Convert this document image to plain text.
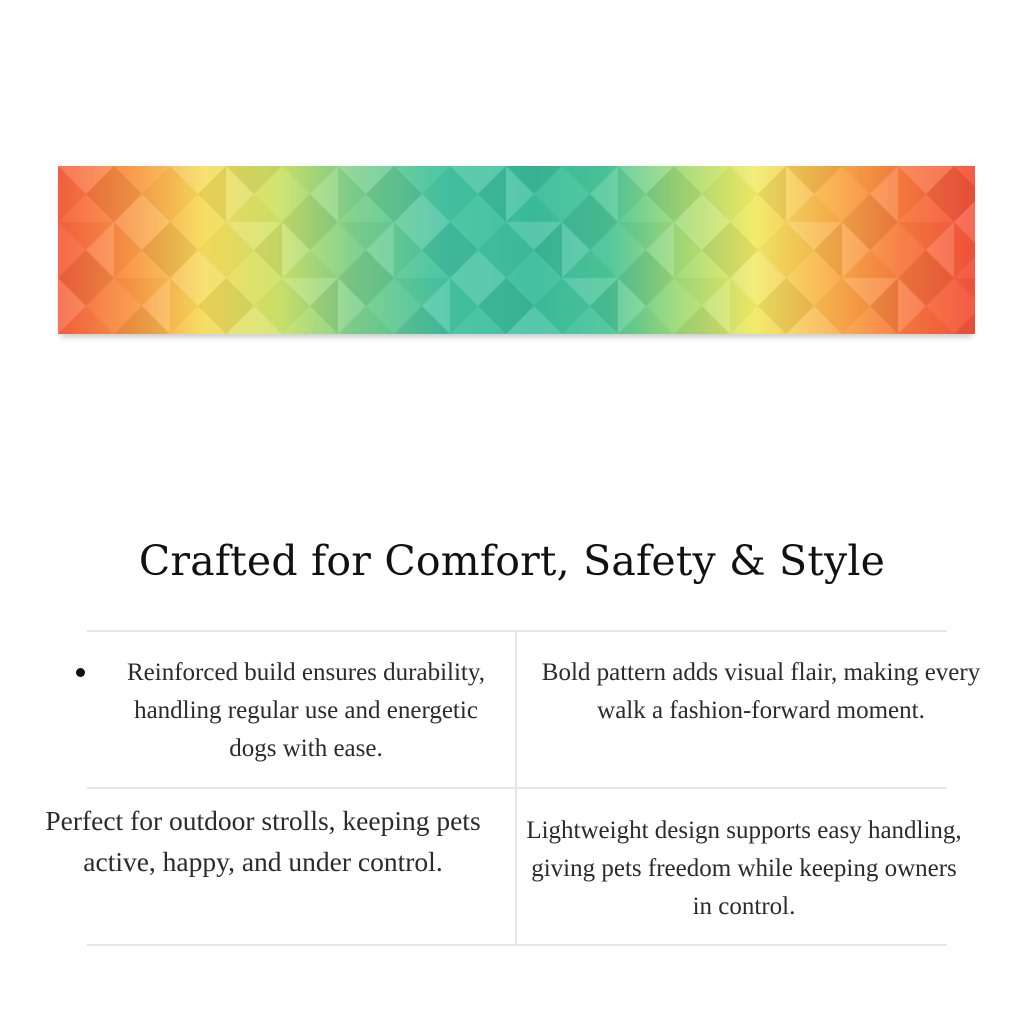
Crafted for Comfort, Safety & Style
Reinforced build ensures durability, handling regular use and energetic dogs with ease.
Bold pattern adds visual flair, making every walk a fashion-forward moment.
Perfect for outdoor strolls, keeping pets active, happy, and under control.
Lightweight design supports easy handling, giving pets freedom while keeping owners in control.
